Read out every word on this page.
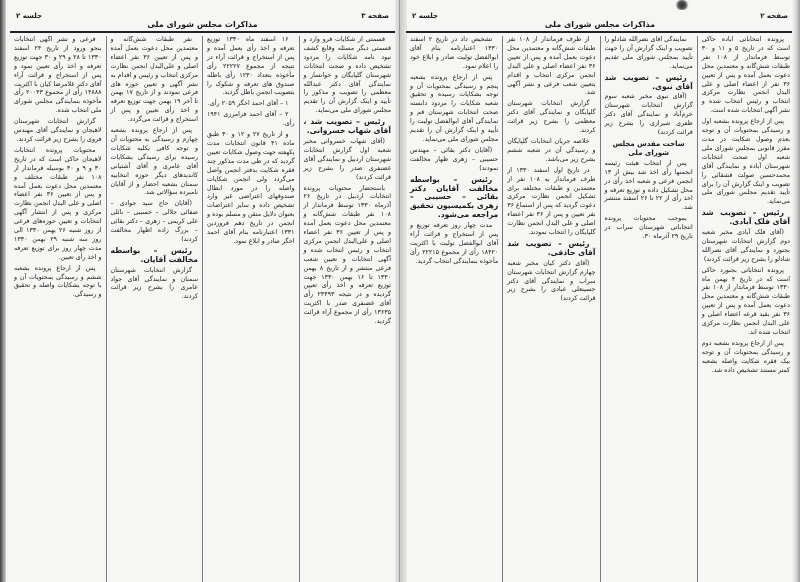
صفحه ۳
جلسه ۲
مذاکرات مجلس شورای ملی

قسمتی از شکایات فرو وارد و قسمتی دیگر مسئله وقایع کشف نبود نامه شکایات را مردود تشخیص داده و صحت انتخابات شهرستان گلپایگان و خوانسار و نمایندگی آقای دکتر عبدالله معظمی را تصویب و مذکور را تأیید و اینک گزارش آن را تقدیم مجلس شورای ملی می‌نماید.

رئیس – تصویب شد ، آقای شهاب خسروانی.

(آقای شهاب خسروانی مخبر شعبه اول گزارش انتخابات شهرستان اردبیل و نمایندگی آقای غضنفری صدر را بشرح زیر قرائت کردند)

باستحضار محتویات پرونده انتخابات اردبیل در تاریخ ۲۶ آذرماه ۱۳۳۰ توسط فرماندار از ۱۰۸ نفر طبقات شش‌گانه و معتمدین محل دعوت بعمل آمده و پس از تعیین ۳۶ نفر اعضاء اصلی و علی‌البدل انجمن مرکزی انتخاب و رئیس انتخاب شده و آگهی انتخابات و تعیین شعب فرعی منتشر و از تاریخ ۸ بهمن ۱۳۳۰ تا ۱۶ بهمن ۱۳۳۰ جهت توزیع تعرفه و اخذ رأی تعیین گردیده و در نتیجه ۲۴۴۹۳ رأی آقای غضنفری صدر با اکثریت ۱۳۶۳۵ رأی از مجموع آراء قرائت گردید.

۱۶ اسفند ماه ۱۳۳۰ توزیع تعرفه و اخذ رأی بعمل آمده و پس از استخراج و قرائت آراء در نتیجه از مجموع ۲۲۲۲۷ رأی مأخوذه بتعداد ۱۲۳۰ رأی باطله صندوق های تعرفه و شکوک را بتصویب انجمن باطل گردید.

۱ – آقای احمد اخگر ۲۰۵۹ رأی.

۲ – آقای احمد فرامرزی ۱۹۴۱ رأی.

و از تاریخ ۲۷ و ۱۲ و ۳۰ طبق ماده ۴۱ قانون انتخابات مدت یکهفته جهت وصول شکایات تعیین گردید که در طی مدت مذکور چند فقره شکایت بدفتر انجمن واصل می‌گردد ولی انجمن شکایات واصله را در مورد ابطال صندوقهای اعتراضی غیر وارد تشخیص داده و سایر اعتراضات بعنوان دلایل متقن و مسلم بوده و انجمن در تاریخ دهم فروردین ۱۳۳۱ اعتبارنامه بنام آقای احمد اخگر صادر و ابلاغ نمود.

نفر طبقات شش‌گانه و معتمدین محل دعوت بعمل آمده و پس از تعیین ۳۶ نفر اعضاء اصلی و علی‌البدل انجمن نظارت مرکزی انتخاب و رئیس و اقدام به نشر آگهی و تعیین حوزه های فرعی نمودند و از تاریخ ۱۷ بهمن تا آخر ۱۹ بهمن جهت توزیع تعرفه و اخذ رأی تعیین و پس از استخراج و قرائت می‌گردد.

پس از ارجاع پرونده بشعبه چهارم و رسیدگی به محتویات آن و توجه کافی بکلیه شکایات رسیده برای رسیدگی بشکایات آقای عامری و آقای آشتیانی کاندیدهای دیگر حوزه انتخابیه سمنان بشعبه احضار و از آقایان نامبرده سؤالاتی شد.

(آقایان حاج سید جوادی – صفائی جلالی – حسیبی – نائلی علی کریمی – زهری – دکتر بقائی – بزرگ زاده اظهار مخالفت کردند)

رئیس – بواسطه مخالفت آقایان.

گزارش انتخابات شهرستان سمنان و نمایندگی آقای جواد عامری را بشرح زیر قرائت کردند.

فرعی و نشر آگهی انتخابات بنحو ورود از تاریخ ۲۴ اسفند ۱۳۳۰ تا ۲۸ و ۲۹ و ۳۰ جهت توزیع تعرفه و اخذ رأی تعیین نمود و پس از استخراج و قرائت آراء آقای دکتر غلامرضا کیان با اکثریت ۱۴۸۸۸ رأی از مجموع ۲۰۰۴۳ رأی مأخوذه بنمایندگی مجلس شورای ملی انتخاب شده.

گزارش انتخابات شهرستان لاهیجان و نمایندگی آقای مهندس فروی را بشرح زیر قرائت کردند.

محتویات پرونده انتخابات لاهیجان حاکی است که در تاریخ ۳۰ و ۹ و ۳۰ بوسیله فرماندار از ۱۰۸ نفر طبقات مختلف و معتمدین محل دعوت بعمل آمده و پس از تعیین ۳۶ نفر اعضاء اصلی و علی البدل انجمن نظارت مرکزی و پس از انتشار آگهی انتخابات و تعیین حوزه‌های فرعی از روز شنبه ۲۶ بهمن ۱۳۳۰ الی روز سه شنبه ۲۹ بهمن ۱۳۳۰ مدت چهار روز برای توزیع تعرفه و اخذ رأی تعیین.

پس از ارجاع پرونده بشعبه ششم و رسیدگی بمحتویات آن و با توجه بشکایات واصله و تحقیق و رسیدگی.

صفحه ۲
جلسه ۲
مذاکرات مجلس شورای ملی

پرونده انتخاباتی آباده حاکی است که در تاریخ ۵ و ۱۱ و ۳۰ توسط فرماندار از ۱۰۸ نفر طبقات شش‌گانه و معتمدین محل دعوت بعمل آمده و پس از تعیین ۳۶ نفر از اعضاء اصلی و علی البدل انجمن نظارت مرکزی انتخاب و رئیس انتخاب شده و نشر آگهی انتخابات شده است.

پس از ارجاع پرونده بشعبه اول و رسیدگی بمحتویات آن و توجه بعدم وصول شکایت در مدت مقرر قانونی بمجلس شورای ملی شعبه اول صحت انتخابات شهرستان آباده و نمایندگی آقای محمدحسین صولت قشقائی را تصویب و اینک گزارش آن را برای تأیید تقدیم مجلس شورای ملی می‌نماید.

رئیس – تصویب شد آقای فلک آبادی.

(آقای فلک آبادی مخبر شعبه دوم گزارش انتخابات شهرستان بجنورد و نمایندگی آقای نصرالله شادلو را بشرح زیر قرائت کردند)

پرونده انتخاباتی بجنورد حاکی است که در تاریخ ۴ بهمن ماه ۱۳۳۰ توسط فرماندار از ۱۰۸ نفر طبقات شش‌گانه و معتمدین محل دعوت بعمل آمده و پس از تعیین ۳۶ نفر بقید قرعه اعضاء اصلی و علی البدل انجمن نظارت مرکزی انتخاب شده اند.

پس از ارجاع پرونده بشعبه دوم و رسیدگی بمحتویات آن و توجه بیک فقره شکایت واصله بشعبه کمتر مستند تشخیص داده شد.

نمایندگی آقای نصرالله شادلو را تصویب و اینک گزارش آن را جهت تأیید بمجلس شورای ملی تقدیم می‌نماید.

رئیس – تصویب شد آقای نبوی.

(آقای نبوی مخبر شعبه سوم گزارش انتخابات شهرستان خرم‌آباد و نمایندگی آقای دکتر ظفری شیرازی را بشرح زیر قرائت کردند)

ساحت مقدس مجلس شورای ملی

پس از انتخاب هیئت رئیسه انجمنها رأی اخذ شد بیش از ۱۳ انجمن فرعی و شعبه اخذ رأی در محل تشکیل داده و توزیع تعرفه و اخذ رأی از ۲۲ تا ۲۶ اسفند منتشر شد.

بموجب محتویات پرونده انتخاباتی شهرستان سراب در تاریخ ۲۹ آذرماه ۳۰.

از طرف فرماندار از ۱۰۸ نفر طبقات شش‌گانه و معتمدین محل دعوت بعمل آمده و پس از تعیین ۳۶ نفر اعضاء اصلی و علی البدل انجمن مرکزی انتخاب و اقدام بتعیین شعب فرعی و نشر آگهی شد.

گزارش انتخابات شهرستان گلپایگان و نمایندگی آقای دکتر معظمی را بشرح زیر قرائت کردند.

خلاصه جریان انتخابات گلپایگان و رسیدگی آن در شعبه ششم بشرح زیر می‌باشد.

در تاریخ اول اسفند ۱۳۳۰ از طرف فرماندار به ۱۰۸ نفر از معتمدین و طبقات مختلفه برای تشکیل انجمن نظارت مرکزی دعوت گردید که پس از استماع ۳۶ نفر تعیین و پس از ۳۶ نفر اعضاء اصلی و علی البدل انجمن نظارت گلپایگان را انتخاب نمودند.

رئیس – تصویب شد آقای حاذقی.

(آقای دکتر کیان مخبر شعبه چهارم گزارش انتخابات شهرستان سراب و نمایندگی آقای دکتر حسینعلی عبادی را بشرح زیر قرائت کردند)

تشخیص داد در تاریخ ۲ اسفند ۱۳۳۰ اعتبارنامه بنام آقای ابوالفضل تولیت صادر و ابلاغ خود را اعلام نمود.

پس از ارجاع پرونده بشعبه پنجم و رسیدگی بمحتویات آن و توجه بشکایات رسیده و تحقیق شعبه شکایات را مردود دانسته صحت انتخابات شهرستان قم و نمایندگی آقای ابوالفضل تولیت را تأیید و اینک گزارش آن را تقدیم مجلس شورای ملی می‌نماید.

(آقایان دکتر بقائی – مهندس حسیبی – زهری ظهار مخالفت نمودند)

رئیس – بواسطه مخالفت آقایان دکتر بقائی – حسیبی – زهری بکمیسیون تحقیق مراجعه می‌شود.

مدت چهار روز تعرفه توزیع و پس از استخراج و قرائت آراء آقای ابوالفضل تولیت با اکثریت ۱۸۴۲۰ رأی از مجموع ۲۲۲۱۵ رأی مأخوذه بنمایندگی انتخاب گردید.
